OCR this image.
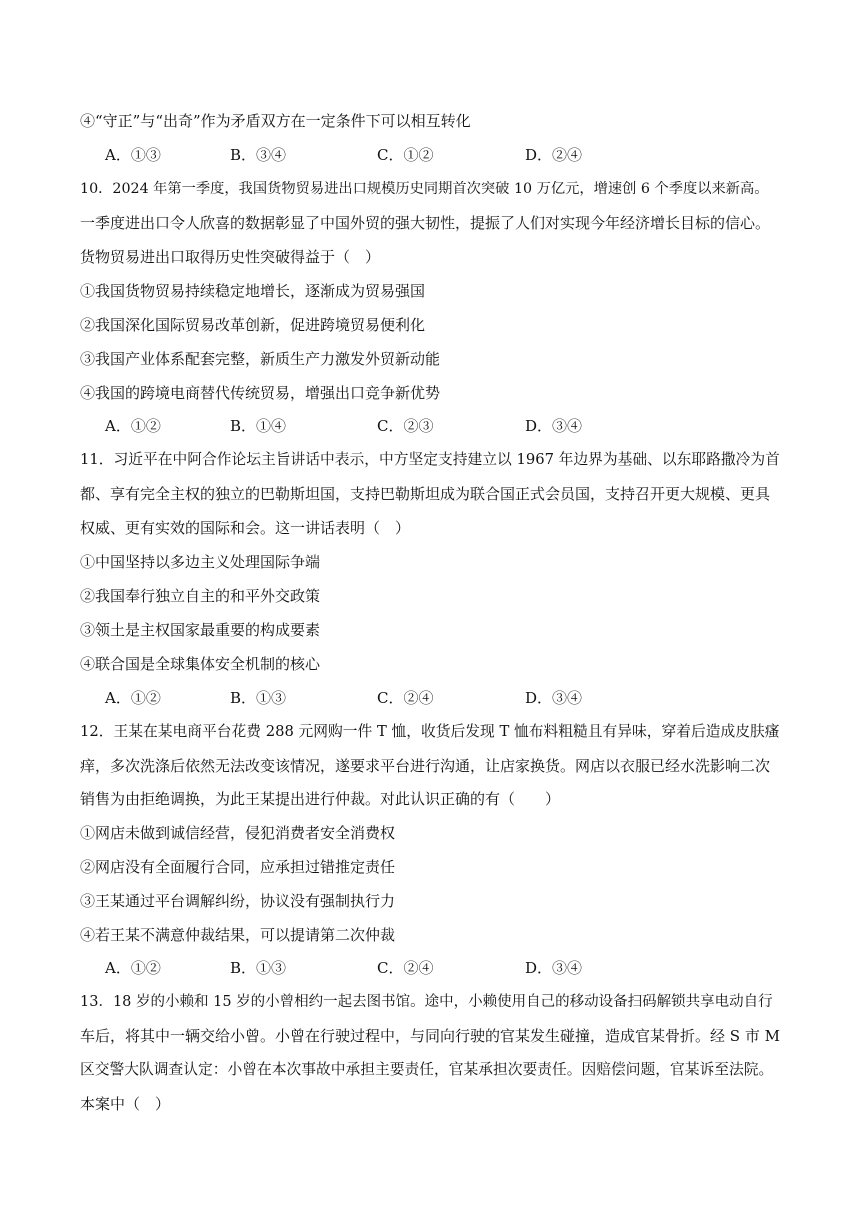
④“守正”与“出奇”作为矛盾双方在一定条件下可以相互转化
A．①③	B．③④	C．①②	D．②④
10．2024 年第一季度，我国货物贸易进出口规模历史同期首次突破 10 万亿元，增速创 6 个季度以来新高。
一季度进出口令人欣喜的数据彰显了中国外贸的强大韧性，提振了人们对实现今年经济增长目标的信心。
货物贸易进出口取得历史性突破得益于（　）
①我国货物贸易持续稳定地增长，逐渐成为贸易强国
②我国深化国际贸易改革创新，促进跨境贸易便利化
③我国产业体系配套完整，新质生产力激发外贸新动能
④我国的跨境电商替代传统贸易，增强出口竞争新优势
A．①②	B．①④	C．②③	D．③④
11．习近平在中阿合作论坛主旨讲话中表示，中方坚定支持建立以 1967 年边界为基础、以东耶路撒冷为首
都、享有完全主权的独立的巴勒斯坦国，支持巴勒斯坦成为联合国正式会员国，支持召开更大规模、更具
权威、更有实效的国际和会。这一讲话表明（　）
①中国坚持以多边主义处理国际争端
②我国奉行独立自主的和平外交政策
③领土是主权国家最重要的构成要素
④联合国是全球集体安全机制的核心
A．①②	B．①③	C．②④	D．③④
12．王某在某电商平台花费 288 元网购一件 T 恤，收货后发现 T 恤布料粗糙且有异味，穿着后造成皮肤瘙
痒，多次洗涤后依然无法改变该情况，遂要求平台进行沟通，让店家换货。网店以衣服已经水洗影响二次
销售为由拒绝调换，为此王某提出进行仲裁。对此认识正确的有（　　）
①网店未做到诚信经营，侵犯消费者安全消费权
②网店没有全面履行合同，应承担过错推定责任
③王某通过平台调解纠纷，协议没有强制执行力
④若王某不满意仲裁结果，可以提请第二次仲裁
A．①②	B．①③	C．②④	D．③④
13．18 岁的小赖和 15 岁的小曾相约一起去图书馆。途中，小赖使用自己的移动设备扫码解锁共享电动自行
车后，将其中一辆交给小曾。小曾在行驶过程中，与同向行驶的官某发生碰撞，造成官某骨折。经 S 市 M
区交警大队调查认定：小曾在本次事故中承担主要责任，官某承担次要责任。因赔偿问题，官某诉至法院。
本案中（　）
